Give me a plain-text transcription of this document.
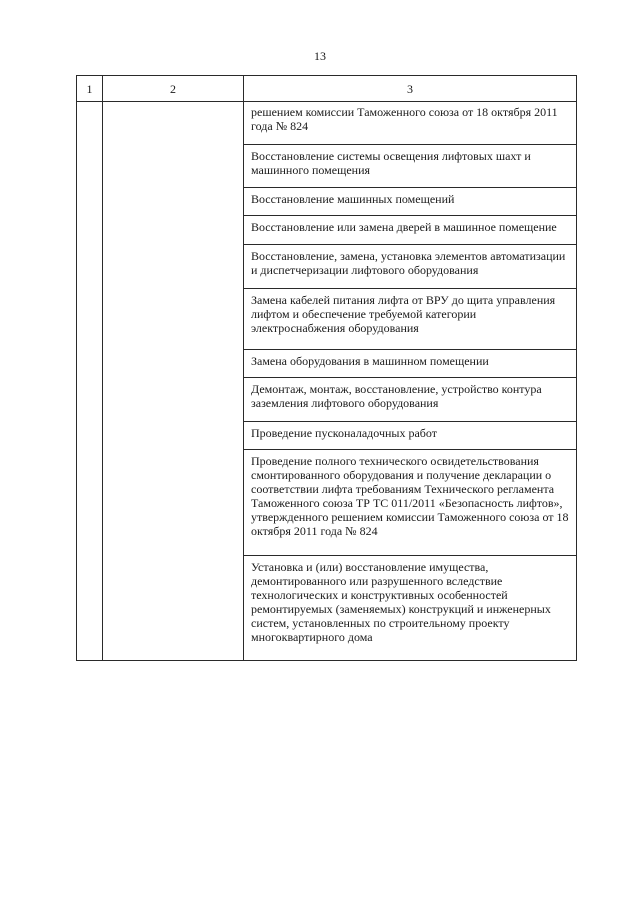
13
1	2	3
		решением комиссии Таможенного союза от 18 октября 2011 года № 824
		Восстановление системы освещения лифтовых шахт и машинного помещения
		Восстановление машинных помещений
		Восстановление или замена дверей в машинное помещение
		Восстановление, замена, установка элементов автоматизации и диспетчеризации лифтового оборудования
		Замена кабелей питания лифта от ВРУ до щита управления лифтом и обеспечение требуемой категории электроснабжения оборудования
		Замена оборудования в машинном помещении
		Демонтаж, монтаж, восстановление, устройство контура заземления лифтового оборудования
		Проведение пусконаладочных работ
		Проведение полного технического освидетельствования смонтированного оборудования и получение декларации о соответствии лифта требованиям Технического регламента Таможенного союза ТР ТС 011/2011 «Безопасность лифтов», утвержденного решением комиссии Таможенного союза от 18 октября 2011 года № 824
		Установка и (или) восстановление имущества, демонтированного или разрушенного вследствие технологических и конструктивных особенностей ремонтируемых (заменяемых) конструкций и инженерных систем, установленных по строительному проекту многоквартирного дома
